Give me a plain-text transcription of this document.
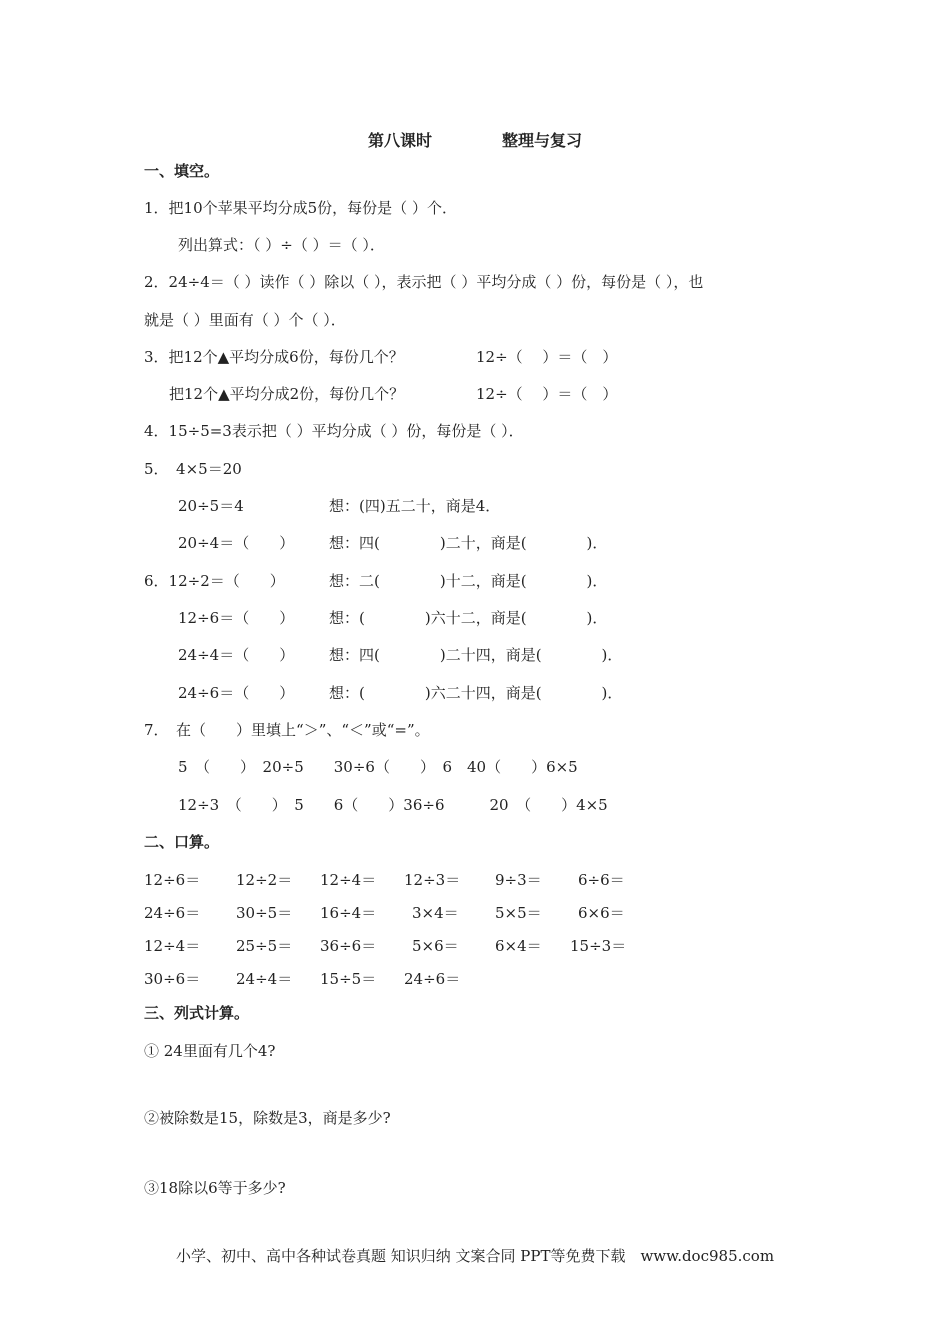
第八课时	整理与复习
一、填空。
1．把10个苹果平均分成5份，每份是（ ）个．
列出算式：（ ）÷（ ）＝（ ）．
2．24÷4＝（ ）读作（ ）除以（ ），表示把（ ）平均分成（ ）份，每份是（ ），也
就是（ ）里面有（ ）个（ ）．
3．把12个▲平均分成6份，每份几个？	12÷（　 ）＝（　）
把12个▲平均分成2份，每份几个？	12÷（　 ）＝（　）
4．15÷5=3表示把（ ）平均分成（ ）份，每份是（ ）．
5．　4×5＝20
20÷5＝4	想：(四)五二十，商是4．
20÷4＝（　　） 想：四(　　　　)二十，商是(　　　　)．
6．12÷2＝（　　）	想：二(　　　　)十二，商是(　　　　)．
12÷6＝（　　） 想：(　　　　)六十二，商是(　　　　)．
24÷4＝（　　） 想：四(　　　　)二十四，商是(　　　　)．
24÷6＝（　　） 想：(　　　　)六二十四，商是(　　　　)．
7．　在（　　）里填上“＞”、“＜”或“=”。
5　（　　）　20÷5　　30÷6（　　）　6　40（　　）6×5
12÷3　（　　）　5　　6（　　）36÷6　　　20　（　　）4×5
二、口算。
12÷6＝ 12÷2＝ 12÷4＝ 12÷3＝ 9÷3＝ 6÷6＝
24÷6＝ 30÷5＝ 16÷4＝ 3×4＝ 5×5＝ 6×6＝
12÷4＝ 25÷5＝ 36÷6＝ 5×6＝ 6×4＝ 15÷3＝
30÷6＝ 24÷4＝ 15÷5＝ 24÷6＝
三、列式计算。
① 24里面有几个4?
②被除数是15，除数是3，商是多少?
③18除以6等于多少?
小学、初中、高中各种试卷真题 知识归纳 文案合同 PPT等免费下载　www.doc985.com
